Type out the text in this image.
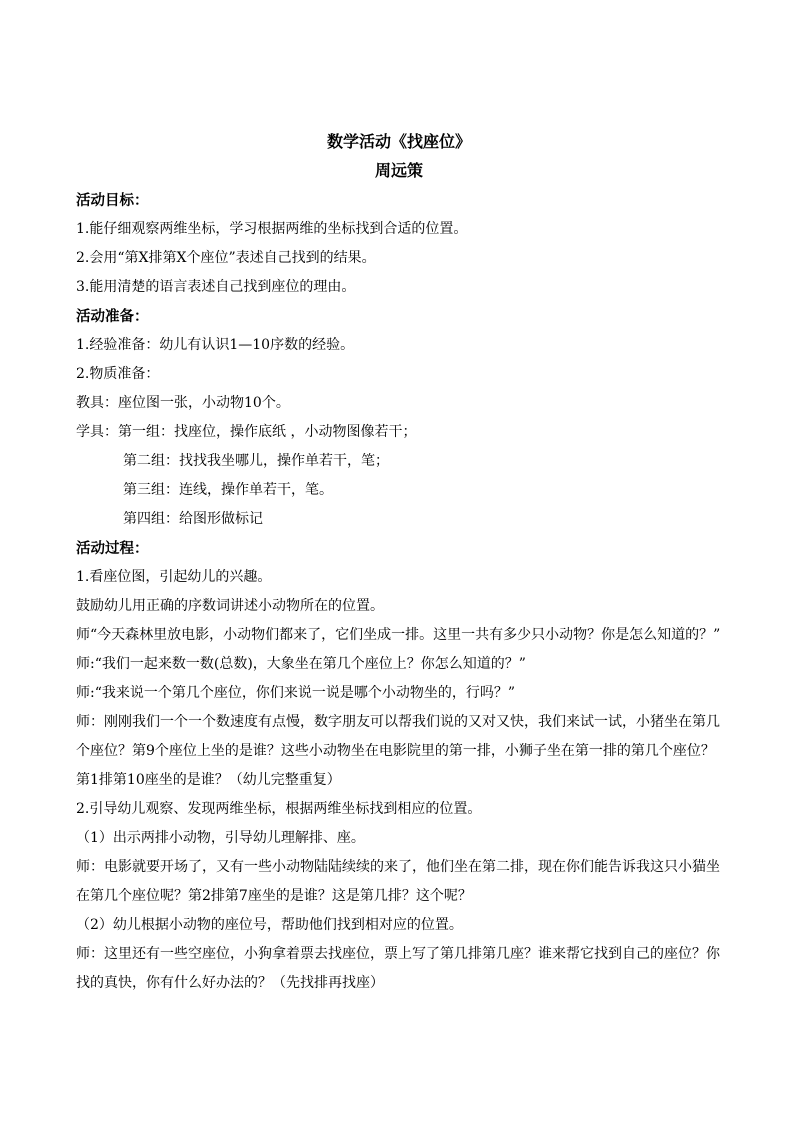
数学活动《找座位》
周远策
活动目标：
1.能仔细观察两维坐标，学习根据两维的坐标找到合适的位置。
2.会用“第X排第X个座位”表述自己找到的结果。
3.能用清楚的语言表述自己找到座位的理由。
活动准备：
1.经验准备：幼儿有认识1—10序数的经验。
2.物质准备：
教具：座位图一张，小动物10个。
学具：第一组：找座位，操作底纸 ，小动物图像若干；
第二组：找找我坐哪儿，操作单若干，笔；
第三组：连线，操作单若干，笔。
第四组：给图形做标记
活动过程：

1.看座位图，引起幼儿的兴趣。

鼓励幼儿用正确的序数词讲述小动物所在的位置。

师“今天森林里放电影，小动物们都来了，它们坐成一排。这里一共有多少只小动物？你是怎么知道的？”

师:“我们一起来数一数(总数)，大象坐在第几个座位上？你怎么知道的？”

师:“我来说一个第几个座位，你们来说一说是哪个小动物坐的，行吗？”

师：刚刚我们一个一个数速度有点慢，数字朋友可以帮我们说的又对又快，我们来试一试，小猪坐在第几个座位？第9个座位上坐的是谁？这些小动物坐在电影院里的第一排，小狮子坐在第一排的第几个座位？第1排第10座坐的是谁？（幼儿完整重复）

2.引导幼儿观察、发现两维坐标，根据两维坐标找到相应的位置。

（1）出示两排小动物，引导幼儿理解排、座。

师：电影就要开场了，又有一些小动物陆陆续续的来了，他们坐在第二排，现在你们能告诉我这只小猫坐在第几个座位呢？第2排第7座坐的是谁？这是第几排？这个呢？

（2）幼儿根据小动物的座位号，帮助他们找到相对应的位置。

师：这里还有一些空座位，小狗拿着票去找座位，票上写了第几排第几座？谁来帮它找到自己的座位？你找的真快，你有什么好办法的？（先找排再找座）
